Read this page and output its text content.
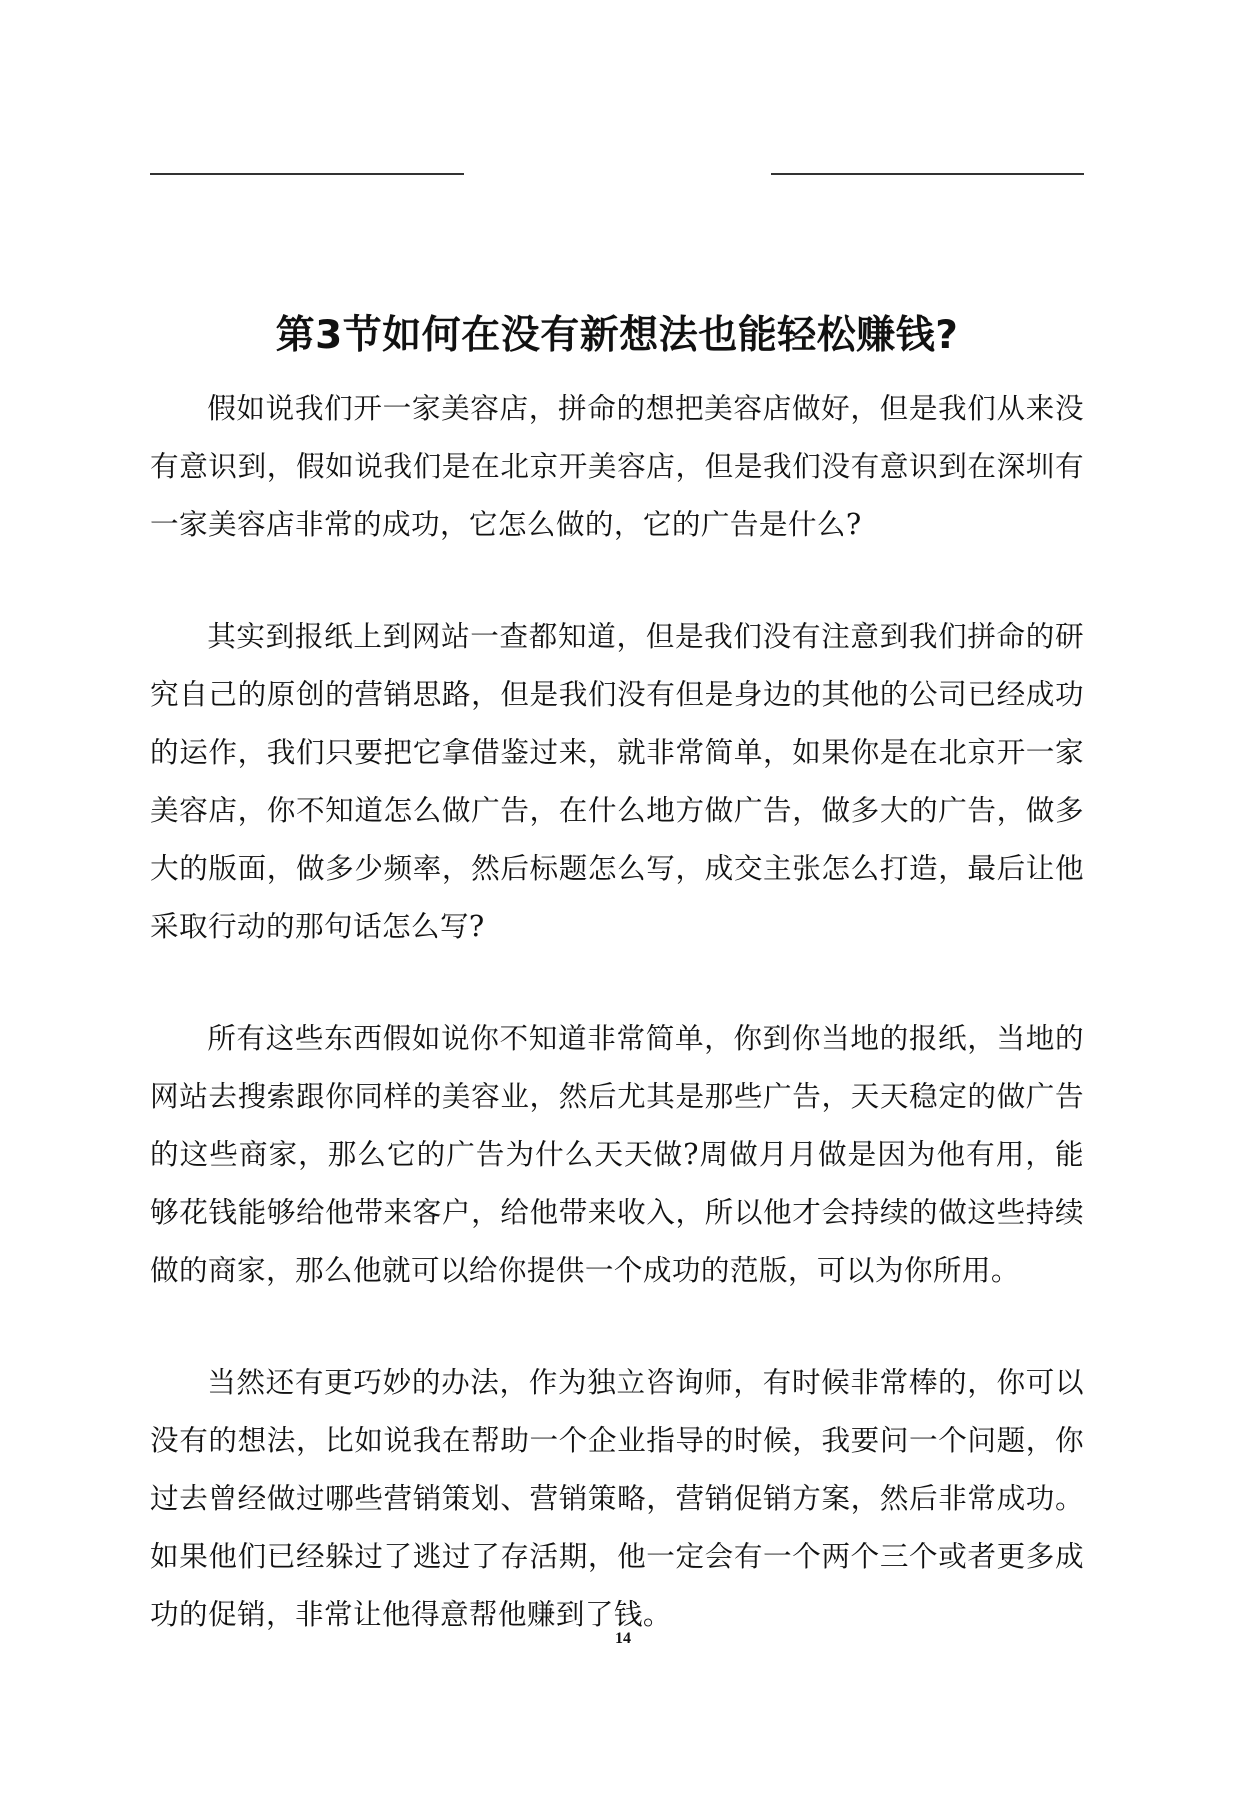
第3节如何在没有新想法也能轻松赚钱?

假如说我们开一家美容店，拼命的想把美容店做好，但是我们从来没有意识到，假如说我们是在北京开美容店，但是我们没有意识到在深圳有一家美容店非常的成功，它怎么做的，它的广告是什么?

其实到报纸上到网站一查都知道，但是我们没有注意到我们拼命的研究自己的原创的营销思路，但是我们没有但是身边的其他的公司已经成功的运作，我们只要把它拿借鉴过来，就非常简单，如果你是在北京开一家美容店，你不知道怎么做广告，在什么地方做广告，做多大的广告，做多大的版面，做多少频率，然后标题怎么写，成交主张怎么打造，最后让他采取行动的那句话怎么写?

所有这些东西假如说你不知道非常简单，你到你当地的报纸，当地的网站去搜索跟你同样的美容业，然后尤其是那些广告，天天稳定的做广告的这些商家，那么它的广告为什么天天做?周做月月做是因为他有用，能够花钱能够给他带来客户，给他带来收入，所以他才会持续的做这些持续做的商家，那么他就可以给你提供一个成功的范版，可以为你所用。

当然还有更巧妙的办法，作为独立咨询师，有时候非常棒的，你可以没有的想法，比如说我在帮助一个企业指导的时候，我要问一个问题，你过去曾经做过哪些营销策划、营销策略，营销促销方案，然后非常成功。如果他们已经躲过了逃过了存活期，他一定会有一个两个三个或者更多成功的促销，非常让他得意帮他赚到了钱。

14
